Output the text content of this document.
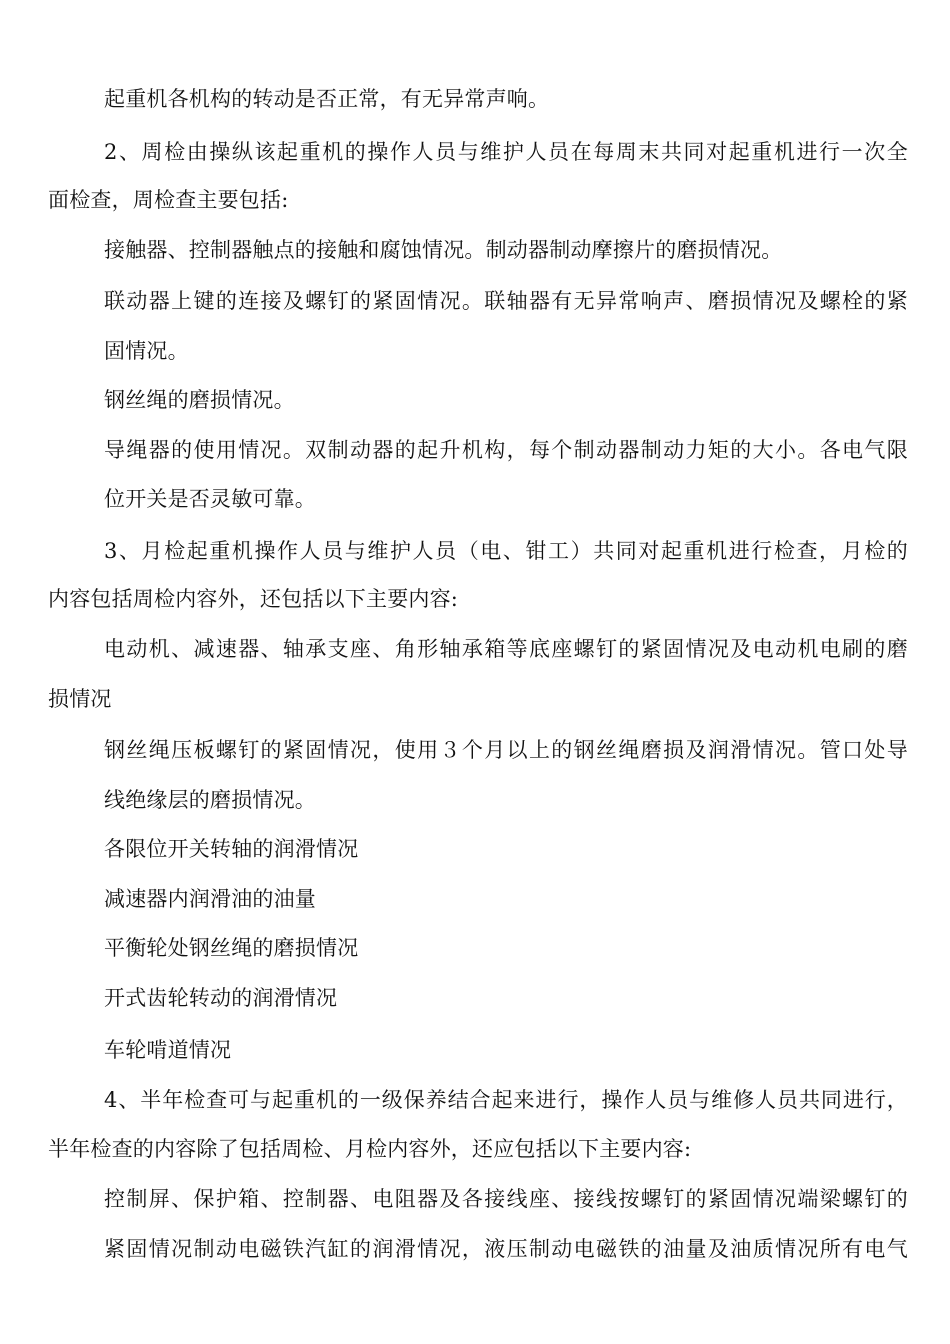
起重机各机构的转动是否正常，有无异常声响。
2、周检由操纵该起重机的操作人员与维护人员在每周末共同对起重机进行一次全
面检查，周检查主要包括:
接触器、控制器触点的接触和腐蚀情况。制动器制动摩擦片的磨损情况。
联动器上键的连接及螺钉的紧固情况。联轴器有无异常响声、磨损情况及螺栓的紧
固情况。
钢丝绳的磨损情况。
导绳器的使用情况。双制动器的起升机构，每个制动器制动力矩的大小。各电气限
位开关是否灵敏可靠。
3、月检起重机操作人员与维护人员（电、钳工）共同对起重机进行检查，月检的
内容包括周检内容外，还包括以下主要内容:
电动机、减速器、轴承支座、角形轴承箱等底座螺钉的紧固情况及电动机电刷的磨
损情况
钢丝绳压板螺钉的紧固情况，使用３个月以上的钢丝绳磨损及润滑情况。管口处导
线绝缘层的磨损情况。
各限位开关转轴的润滑情况
减速器内润滑油的油量
平衡轮处钢丝绳的磨损情况
开式齿轮转动的润滑情况
车轮啃道情况
4、半年检查可与起重机的一级保养结合起来进行，操作人员与维修人员共同进行，
半年检查的内容除了包括周检、月检内容外，还应包括以下主要内容:
控制屏、保护箱、控制器、电阻器及各接线座、接线按螺钉的紧固情况端梁螺钉的
紧固情况制动电磁铁汽缸的润滑情况，液压制动电磁铁的油量及油质情况所有电气
